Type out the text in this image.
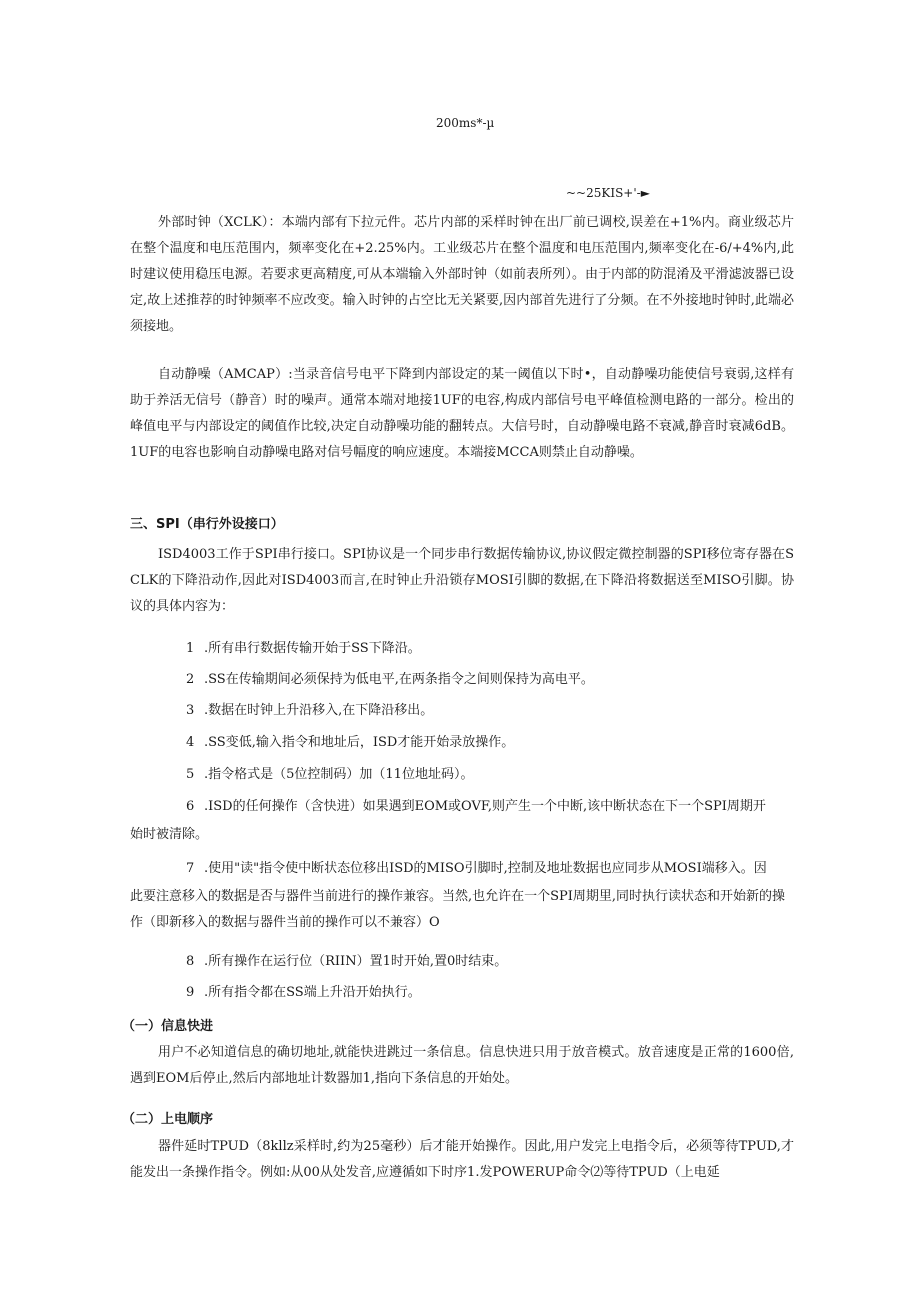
200ms*-µ
~~25KIS+'-►

外部时钟（XCLK）：本端内部有下拉元件。芯片内部的采样时钟在出厂前已调校,误差在+1%内。商业级芯片在整个温度和电压范围内，频率变化在+2.25%内。工业级芯片在整个温度和电压范围内,频率变化在-6/+4%内,此时建议使用稳压电源。若要求更高精度,可从本端输入外部时钟（如前表所列）。由于内部的防混淆及平滑滤波器已设定,故上述推荐的时钟频率不应改变。输入时钟的占空比无关紧要,因内部首先进行了分频。在不外接地时钟时,此端必须接地。

自动静噪（AMCAP）:当录音信号电平下降到内部设定的某一阈值以下时•，自动静噪功能使信号衰弱,这样有助于养活无信号（静音）时的噪声。通常本端对地接1UF的电容,构成内部信号电平峰值检测电路的一部分。检出的峰值电平与内部设定的阈值作比较,决定自动静噪功能的翻转点。大信号时，自动静噪电路不衰减,静音时衰减6dB。1UF的电容也影响自动静噪电路对信号幅度的响应速度。本端接MCCA则禁止自动静噪。

三、SPI（串行外设接口）

ISD4003工作于SPI串行接口。SPI协议是一个同步串行数据传输协议,协议假定微控制器的SPI移位寄存器在SCLK的下降沿动作,因此对ISD4003而言,在时钟止升沿锁存MOSI引脚的数据,在下降沿将数据送至MISO引脚。协议的具体内容为：

1 .所有串行数据传输开始于SS下降沿。

2 .SS在传输期间必须保持为低电平,在两条指令之间则保持为高电平。

3 .数据在时钟上升沿移入,在下降沿移出。

4 .SS变低,输入指令和地址后，ISD才能开始录放操作。

5 .指令格式是（5位控制码）加（11位地址码）。

6 .ISD的任何操作（含快进）如果遇到EOM或OVF,则产生一个中断,该中断状态在下一个SPI周期开

始时被清除。

7 .使用"读"指令使中断状态位移出ISD的MISO引脚时,控制及地址数据也应同步从MOSI端移入。因

此要注意移入的数据是否与器件当前进行的操作兼容。当然,也允许在一个SPI周期里,同时执行读状态和开始新的操作（即新移入的数据与器件当前的操作可以不兼容）O

8 .所有操作在运行位（RIIN）置1时开始,置0时结束。

9 .所有指令都在SS端上升沿开始执行。

（一）信息快进

用户不必知道信息的确切地址,就能快进跳过一条信息。信息快进只用于放音模式。放音速度是正常的1600倍,遇到EOM后停止,然后内部地址计数器加1,指向下条信息的开始处。

（二）上电顺序

器件延时TPUD（8kllz采样时,约为25毫秒）后才能开始操作。因此,用户发完上电指令后，必须等待TPUD,才能发出一条操作指令。例如:从00从处发音,应遵循如下时序1.发POWERUP命令⑵等待TPUD（上电延
